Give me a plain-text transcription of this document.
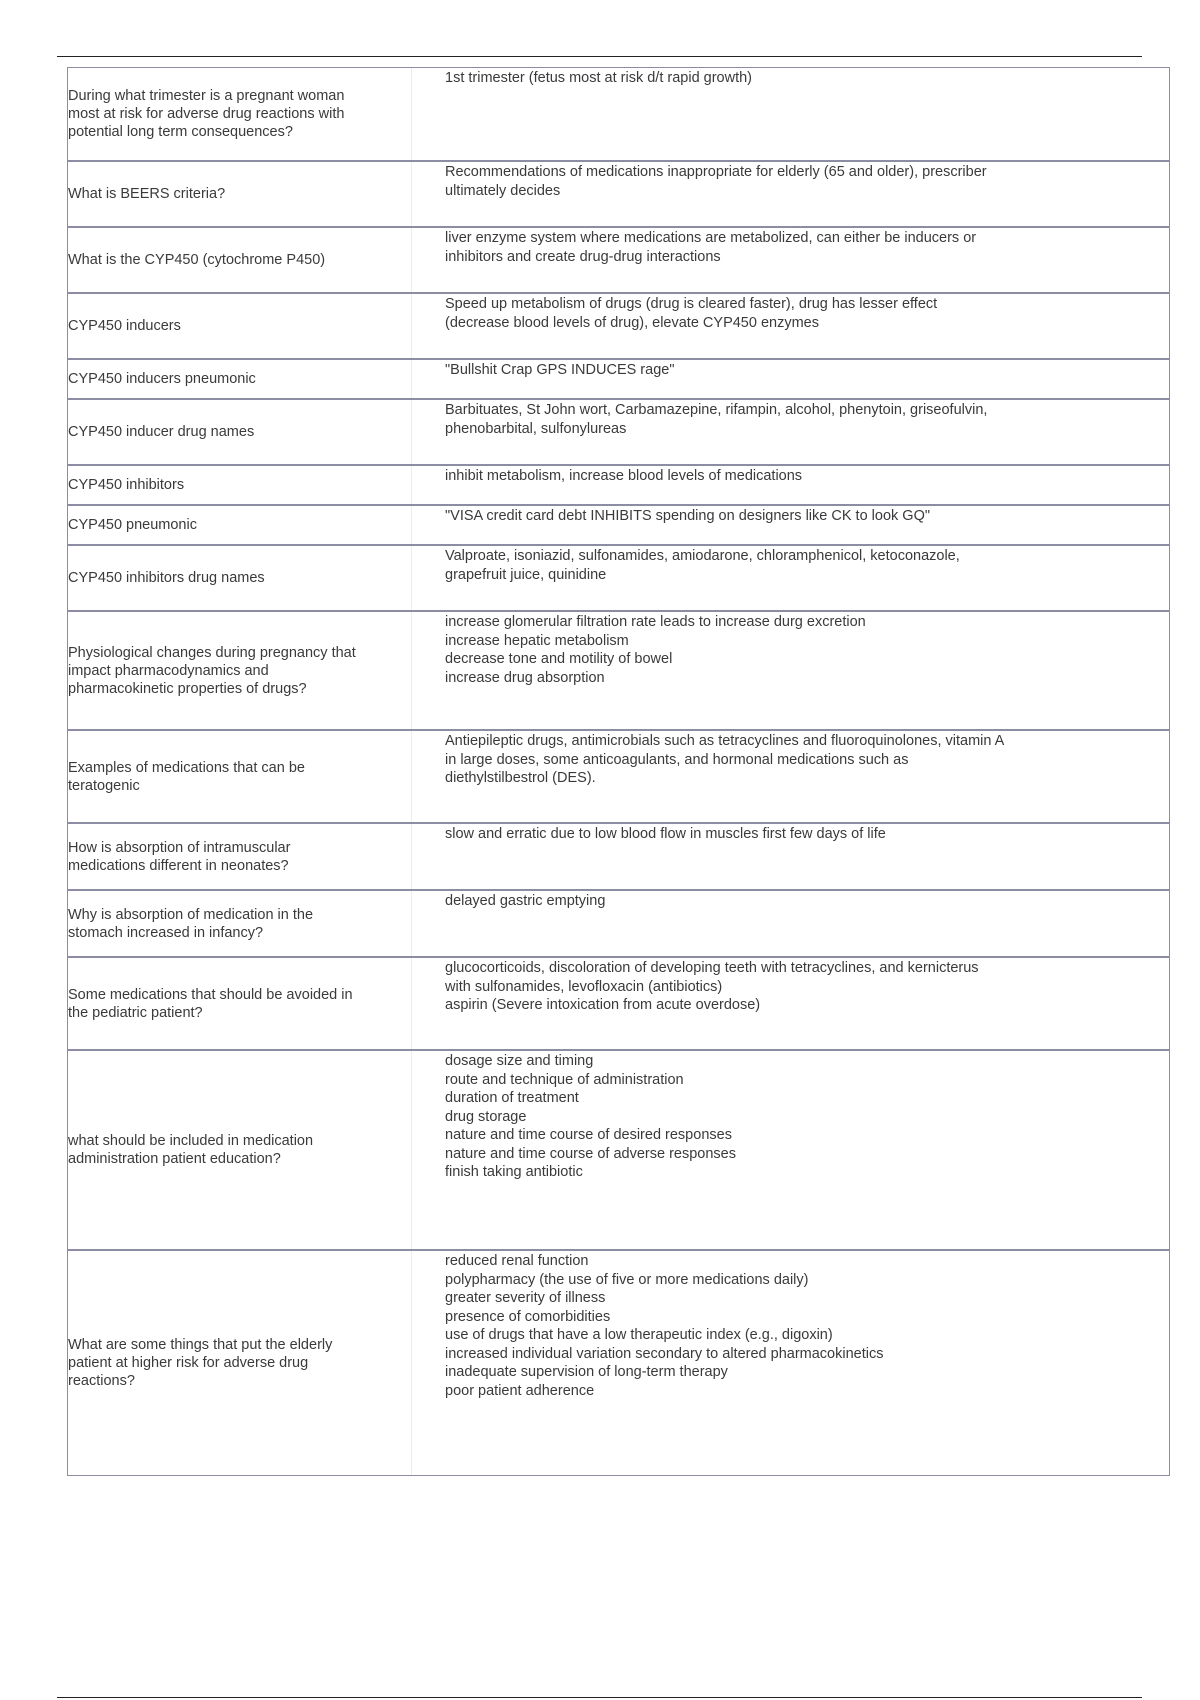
During what trimester is a pregnant woman
most at risk for adverse drug reactions with
potential long term consequences?
1st trimester (fetus most at risk d/t rapid growth)
What is BEERS criteria?
Recommendations of medications inappropriate for elderly (65 and older), prescriber
ultimately decides
What is the CYP450 (cytochrome P450)
liver enzyme system where medications are metabolized, can either be inducers or
inhibitors and create drug-drug interactions
CYP450 inducers
Speed up metabolism of drugs (drug is cleared faster), drug has lesser effect
(decrease blood levels of drug), elevate CYP450 enzymes
CYP450 inducers pneumonic
"Bullshit Crap GPS INDUCES rage"
CYP450 inducer drug names
Barbituates, St John wort, Carbamazepine, rifampin, alcohol, phenytoin, griseofulvin,
phenobarbital, sulfonylureas
CYP450 inhibitors
inhibit metabolism, increase blood levels of medications
CYP450 pneumonic
"VISA credit card debt INHIBITS spending on designers like CK to look GQ"
CYP450 inhibitors drug names
Valproate, isoniazid, sulfonamides, amiodarone, chloramphenicol, ketoconazole,
grapefruit juice, quinidine
Physiological changes during pregnancy that
impact pharmacodynamics and
pharmacokinetic properties of drugs?
increase glomerular filtration rate leads to increase durg excretion
increase hepatic metabolism
decrease tone and motility of bowel
increase drug absorption
Examples of medications that can be
teratogenic
Antiepileptic drugs, antimicrobials such as tetracyclines and fluoroquinolones, vitamin A
in large doses, some anticoagulants, and hormonal medications such as
diethylstilbestrol (DES).
How is absorption of intramuscular
medications different in neonates?
slow and erratic due to low blood flow in muscles first few days of life
Why is absorption of medication in the
stomach increased in infancy?
delayed gastric emptying
Some medications that should be avoided in
the pediatric patient?
glucocorticoids, discoloration of developing teeth with tetracyclines, and kernicterus
with sulfonamides, levofloxacin (antibiotics)
aspirin (Severe intoxication from acute overdose)
what should be included in medication
administration patient education?
dosage size and timing
route and technique of administration
duration of treatment
drug storage
nature and time course of desired responses
nature and time course of adverse responses
finish taking antibiotic
What are some things that put the elderly
patient at higher risk for adverse drug
reactions?
reduced renal function
polypharmacy (the use of five or more medications daily)
greater severity of illness
presence of comorbidities
use of drugs that have a low therapeutic index (e.g., digoxin)
increased individual variation secondary to altered pharmacokinetics
inadequate supervision of long-term therapy
poor patient adherence
